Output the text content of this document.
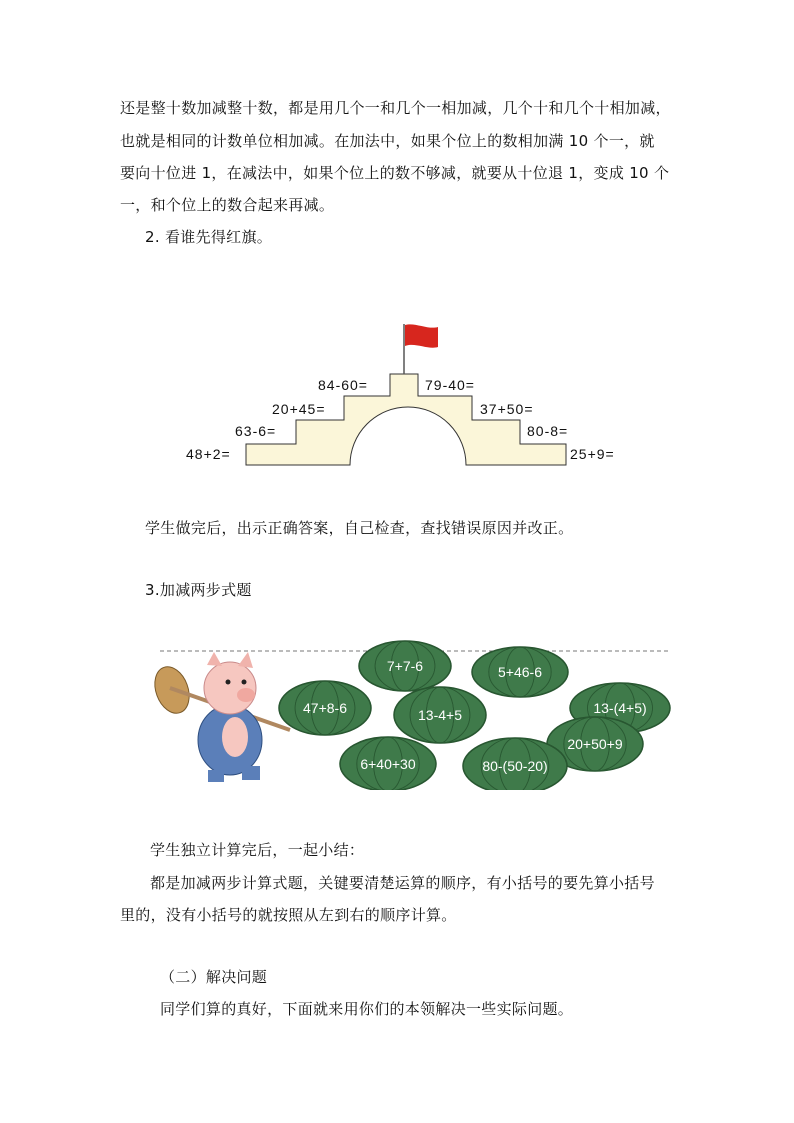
还是整十数加减整十数，都是用几个一和几个一相加减，几个十和几个十相加减，
也就是相同的计数单位相加减。在加法中，如果个位上的数相加满 10 个一，就
要向十位进 1，在减法中，如果个位上的数不够减，就要从十位退 1，变成 10 个
一，和个位上的数合起来再减。
2. 看谁先得红旗。
48+2=
63-6=
20+45=
84-60=
25+9=
80-8=
37+50=
79-40=
学生做完后，出示正确答案，自己检查，查找错误原因并改正。
3.加减两步式题
7+7-6	5+46-6
47+8-6	13-4+5	13-(4+5)
20+50+9
6+40+30	80-(50-20)
学生独立计算完后，一起小结：
都是加减两步计算式题，关键要清楚运算的顺序，有小括号的要先算小括号
里的，没有小括号的就按照从左到右的顺序计算。
（二）解决问题
同学们算的真好，下面就来用你们的本领解决一些实际问题。
